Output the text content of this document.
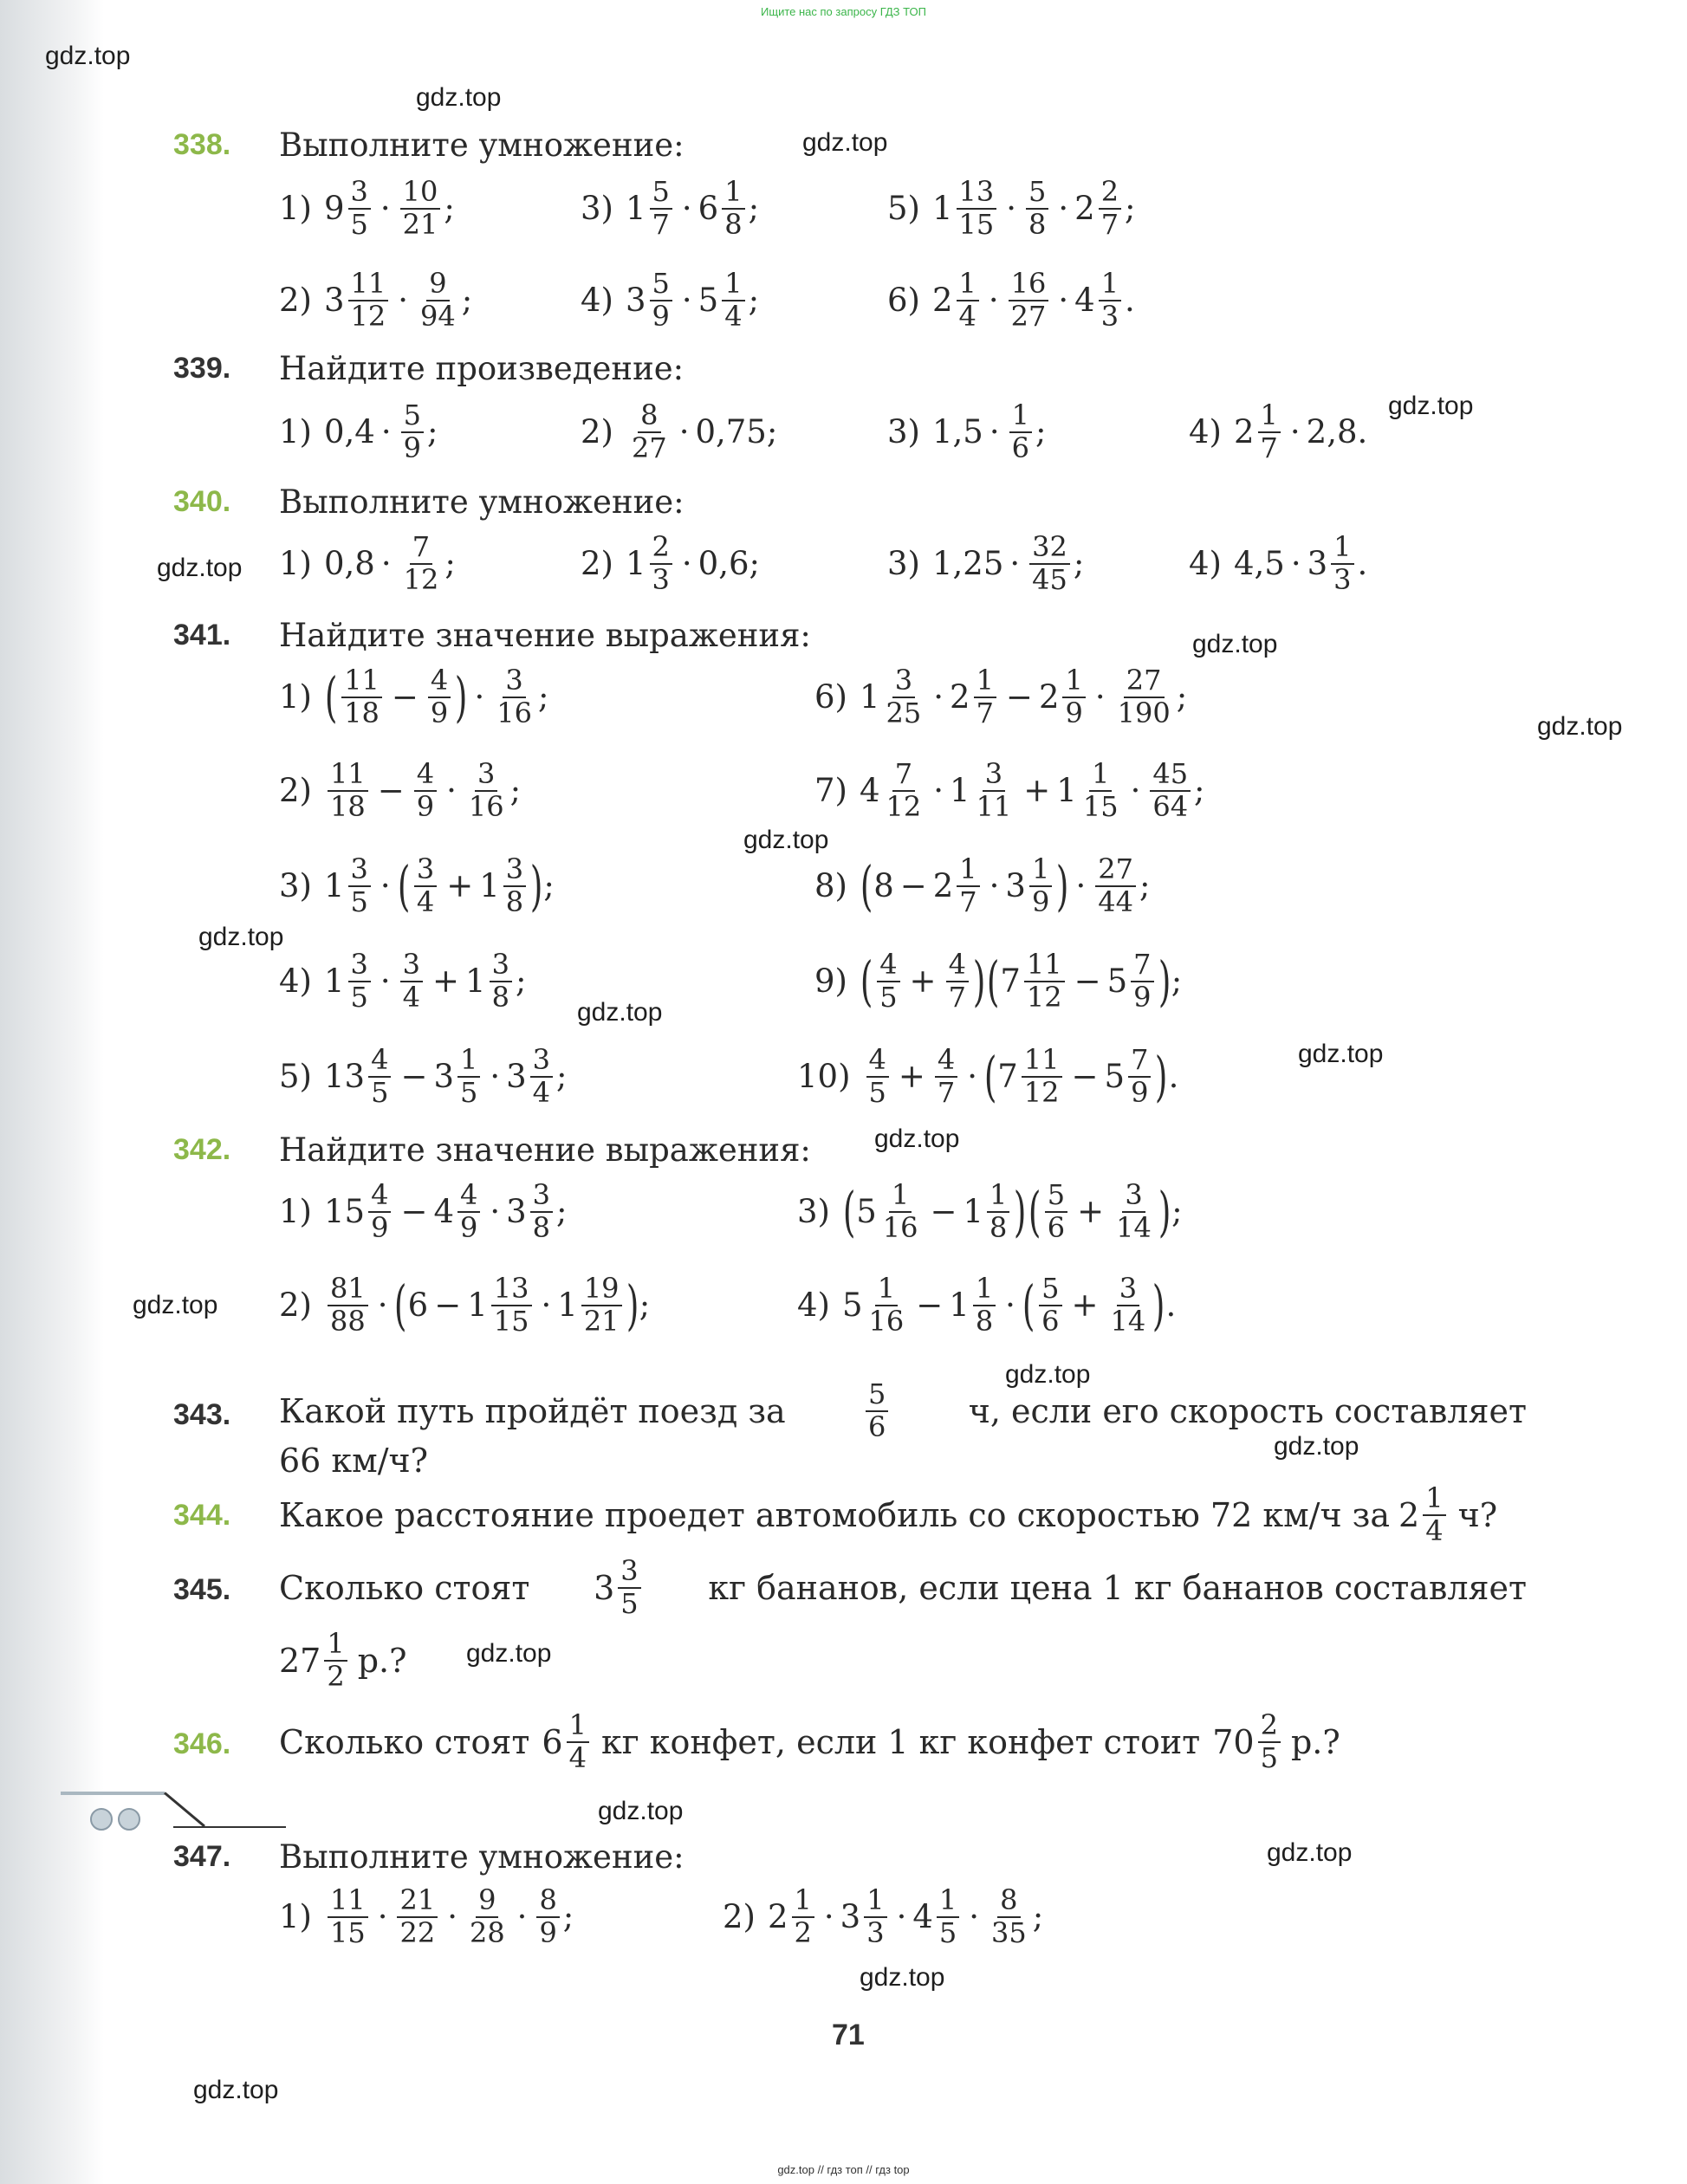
Ищите нас по запросу ГДЗ ТОП
gdz.top
gdz.top
gdz.top
gdz.top
gdz.top
gdz.top
gdz.top
gdz.top
gdz.top
gdz.top
gdz.top
gdz.top
gdz.top
gdz.top
gdz.top
gdz.top
gdz.top
gdz.top
gdz.top
gdz.top
338. Выполните умножение:
1) $9 \frac{3}{5} \cdot \frac{10}{21}$ ;	3) $1 \frac{5}{7} \cdot 6 \frac{1}{8}$ ;	5) $1 \frac{13}{15} \cdot \frac{5}{8} \cdot 2 \frac{2}{7}$ ;
2) $3 \frac{11}{12} \cdot \frac{9}{94}$ ;	4) $3 \frac{5}{9} \cdot 5 \frac{1}{4}$ ;	6) $2 \frac{1}{4} \cdot \frac{16}{27} \cdot 4 \frac{1}{3}$ .
339. Найдите произведение:
1) $0,4 \cdot \frac{5}{9}$ ;	$2) \frac{8}{27} \cdot 0,75$;	3) $1,5 \cdot \frac{1}{6}$ ;	4) $2 \frac{1}{7} \cdot 2,8$.
340. Выполните умножение:
1) $0,8 \cdot \frac{7}{12}$ ;	2) $1 \frac{2}{3} \cdot 0,6$;	3) $1,25 \cdot \frac{32}{45}$ ;	4) $4,5 \cdot 3 \frac{1}{3}$ .
341. Найдите значение выражения:
1) ( $\frac{11}{18} - \frac{4}{9}$ ) · $\frac{3}{16}$ ;	6) $1 \frac{3}{25} \cdot 2 \frac{1}{7} - 2 \frac{1}{9} \cdot \frac{27}{190}$ ;
$2) \frac{11}{18} - \frac{4}{9} \cdot \frac{3}{16}$ ;	7) $4 \frac{7}{12} \cdot 1 \frac{3}{11} + 1 \frac{1}{15} \cdot \frac{45}{64}$ ;
3) $1 \frac{3}{5}$ · ( $\frac{3}{4} + 1 \frac{3}{8}$ ) ;	8) ( $8 - 2 \frac{1}{7} \cdot 3 \frac{1}{9}$ ) · $\frac{27}{44}$ ;
4) $1 \frac{3}{5} \cdot \frac{3}{4} + 1 \frac{3}{8}$ ;	9) ( $\frac{4}{5} + \frac{4}{7}$ ) ( $7 \frac{11}{12} - 5 \frac{7}{9}$ ) ;
5) $13 \frac{4}{5} - 3 \frac{1}{5} \cdot 3 \frac{3}{4}$ ;	$10) \frac{4}{5} + \frac{4}{7}$ · ( $7 \frac{11}{12} - 5 \frac{7}{9}$ ) .
342. Найдите значение выражения:
1) $15 \frac{4}{9} - 4 \frac{4}{9} \cdot 3 \frac{3}{8}$ ;	3) ( $5 \frac{1}{16} - 1 \frac{1}{8}$ ) ( $\frac{5}{6} + \frac{3}{14}$ ) ;
$2) \frac{81}{88}$ · ( $6 - 1 \frac{13}{15} \cdot 1 \frac{19}{21}$ ) ;	4) $5 \frac{1}{16} - 1 \frac{1}{8}$ · ( $\frac{5}{6} + \frac{3}{14}$ ) .
343. Какой путь пройдёт поезд за	$\frac{5}{6} ч$, если его скорость составляет
66 км/ч?
344. Какое расстояние проедет автомобиль со скоростью 72 км/ч за $2 \frac{1}{4} ч$?
345. Сколько стоят $3 \frac{3}{5}$ кг бананов, если цена 1 кг бананов составляет
$27 \frac{1}{2} р$.?
346. Сколько стоят $6 \frac{1}{4}$ кг конфет, если 1 кг конфет стоит $70 \frac{2}{5} р$.?
347. Выполните умножение:
$1) \frac{11}{15} \cdot \frac{21}{22} \cdot \frac{9}{28} \cdot \frac{8}{9}$ ;	2) $2 \frac{1}{2} \cdot 3 \frac{1}{3} \cdot 4 \frac{1}{5} \cdot \frac{8}{35}$ ;
71
gdz.top // гдз топ // гдз top
